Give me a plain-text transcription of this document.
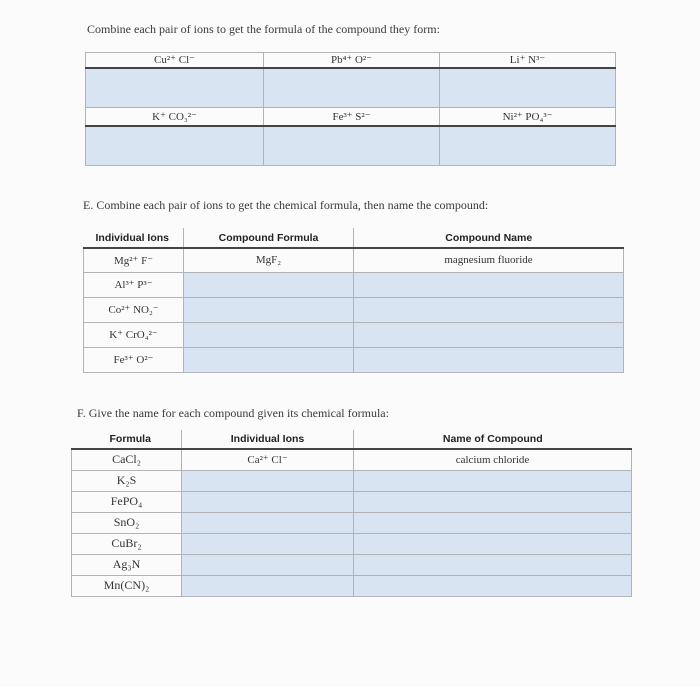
Combine each pair of ions to get the formula of the compound they form:
Cu²⁺ Cl⁻	Pb⁴⁺ O²⁻	Li⁺ N³⁻

K⁺ CO₃²⁻	Fe³⁺ S²⁻	Ni²⁺ PO₄³⁻

E. Combine each pair of ions to get the chemical formula, then name the compound:
Individual Ions	Compound Formula	Compound Name
Mg²⁺ F⁻	MgF₂	magnesium fluoride
Al³⁺ P³⁻		
Co²⁺ NO₂⁻		
K⁺ CrO₄²⁻		
Fe³⁺ O²⁻		
F. Give the name for each compound given its chemical formula:
Formula	Individual Ions	Name of Compound
CaCl₂	Ca²⁺ Cl⁻	calcium chloride
K₂S		
FePO₄		
SnO₂		
CuBr₂		
Ag₃N		
Mn(CN)₂		
